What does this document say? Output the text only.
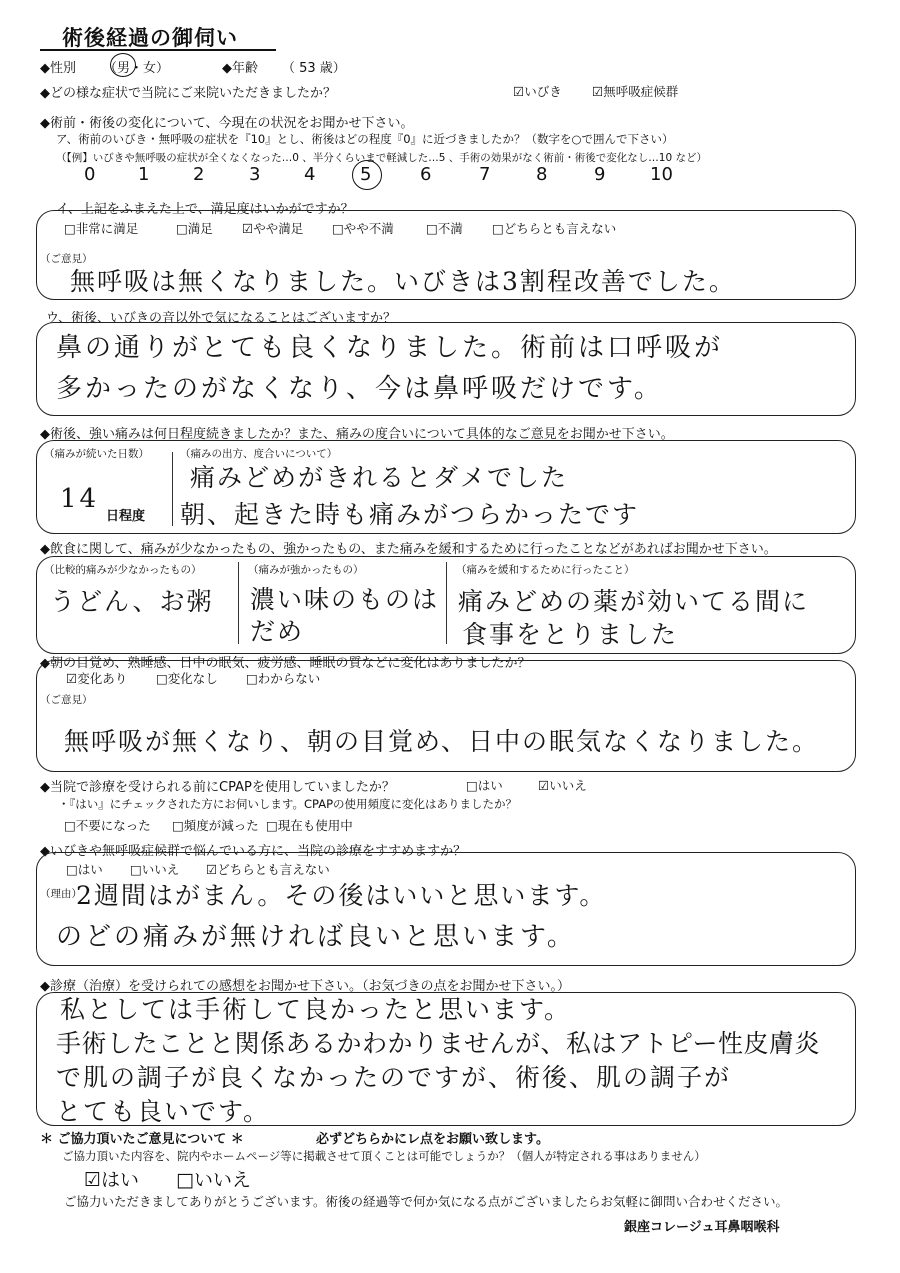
術後経過の御伺い
◆性別 （男・女）	◆年齢 （ 53 歳）
◆どの様な症状で当院にご来院いただきましたか？	☑いびき ☑無呼吸症候群
◆術前・術後の変化について、今現在の状況をお聞かせ下さい。
ア、術前のいびき・無呼吸の症状を『10』とし、術後はどの程度『0』に近づきましたか？（数字を○で囲んで下さい）
（【例】いびきや無呼吸の症状が全くなくなった…0 、半分くらいまで軽減した…5 、手術の効果がなく術前・術後で変化なし…10 など）
0 1 2 3 4 5	6	7	8	9 10
イ、上記をふまえた上で、満足度はいかがですか？
□非常に満足	□満足 ☑やや満足 □やや不満	□不満 □どちらとも言えない
（ご意見）
無呼吸は無くなりました。いびきは3割程改善でした。
ウ、術後、いびきの音以外で気になることはございますか？
鼻の通りがとても良くなりました。術前は口呼吸が
多かったのがなくなり、今は鼻呼吸だけです。
◆術後、強い痛みは何日程度続きましたか？また、痛みの度合いについて具体的なご意見をお聞かせ下さい。
（痛みが続いた日数）
14
日程度
（痛みの出方、度合いについて）
痛みどめがきれるとダメでした
朝、起きた時も痛みがつらかったです
◆飲食に関して、痛みが少なかったもの、強かったもの、また痛みを緩和するために行ったことなどがあればお聞かせ下さい。
（比較的痛みが少なかったもの）
うどん、お粥
（痛みが強かったもの）
濃い味のものは
だめ
（痛みを緩和するために行ったこと）
痛みどめの薬が効いてる間に
食事をとりました
◆朝の目覚め、熟睡感、日中の眠気、疲労感、睡眠の質などに変化はありましたか？
☑変化あり □変化なし □わからない
（ご意見）
無呼吸が無くなり、朝の目覚め、日中の眠気なくなりました。
◆当院で診療を受けられる前にCPAPを使用していましたか？	□はい	☑いいえ
・『はい』にチェックされた方にお伺いします。CPAPの使用頻度に変化はありましたか？
□不要になった □頻度が減った □現在も使用中
◆いびきや無呼吸症候群で悩んでいる方に、当院の診療をすすめますか？
□はい □いいえ ☑どちらとも言えない
（理由）
2週間はがまん。その後はいいと思います。
のどの痛みが無ければ良いと思います。
◆診療（治療）を受けられての感想をお聞かせ下さい。（お気づきの点をお聞かせ下さい。）
私としては手術して良かったと思います。
手術したことと関係あるかわかりませんが、私はアトピー性皮膚炎
で肌の調子が良くなかったのですが、術後、肌の調子が
とても良いです。
＊ ご協力頂いたご意見について ＊	必ずどちらかにレ点をお願い致します。
ご協力頂いた内容を、院内やホームページ等に掲載させて頂くことは可能でしょうか？（個人が特定される事はありません）
☑はい □いいえ
ご協力いただきましてありがとうございます。術後の経過等で何か気になる点がございましたらお気軽に御問い合わせください。
銀座コレージュ耳鼻咽喉科
